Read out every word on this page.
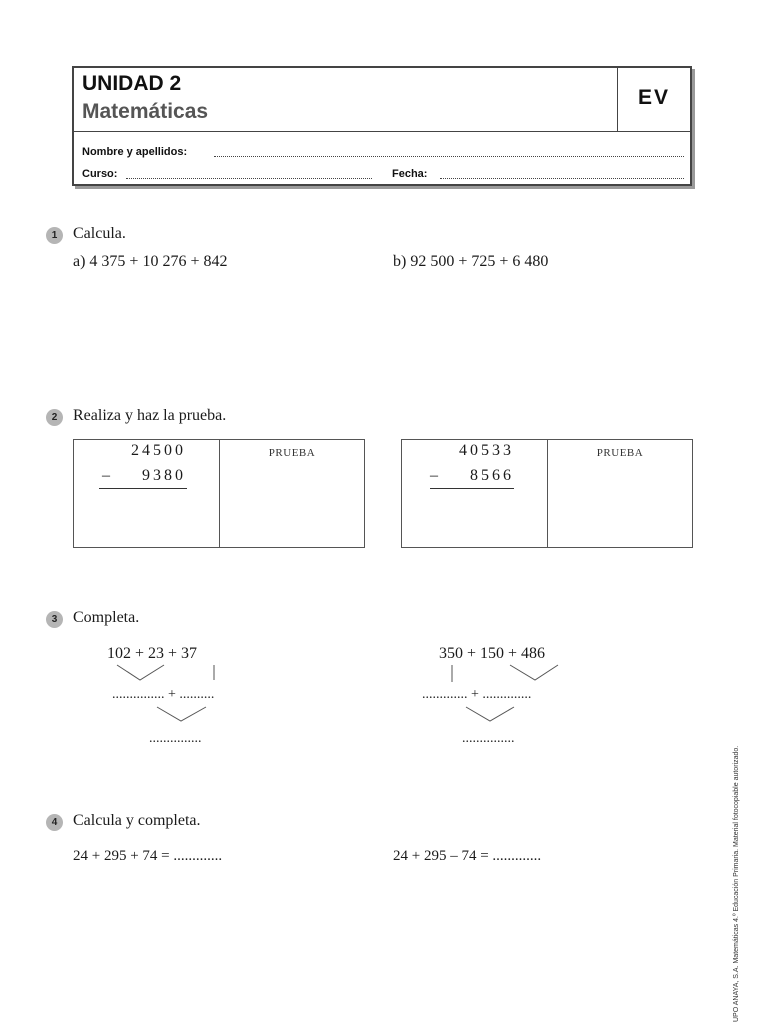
UNIDAD 2
Matemáticas
EV
Nombre y apellidos:
Curso:	Fecha:
1 Calcula.
a) 4 375 + 10 276 + 842	b) 92 500 + 725 + 6 480
2 Realiza y haz la prueba.
24500
–	9380
PRUEBA	40533
–	8566
PRUEBA
3 Completa.
102 + 23 + 37
............... + ..........
...............
350 + 150 + 486
............. + ..............
...............
4 Calcula y completa.
24 + 295 + 74 = .............	24 + 295 – 74 = .............	UPO ANAYA, S.A. Matemáticas 4.º Educación Primaria. Material fotocopiable autorizado.
